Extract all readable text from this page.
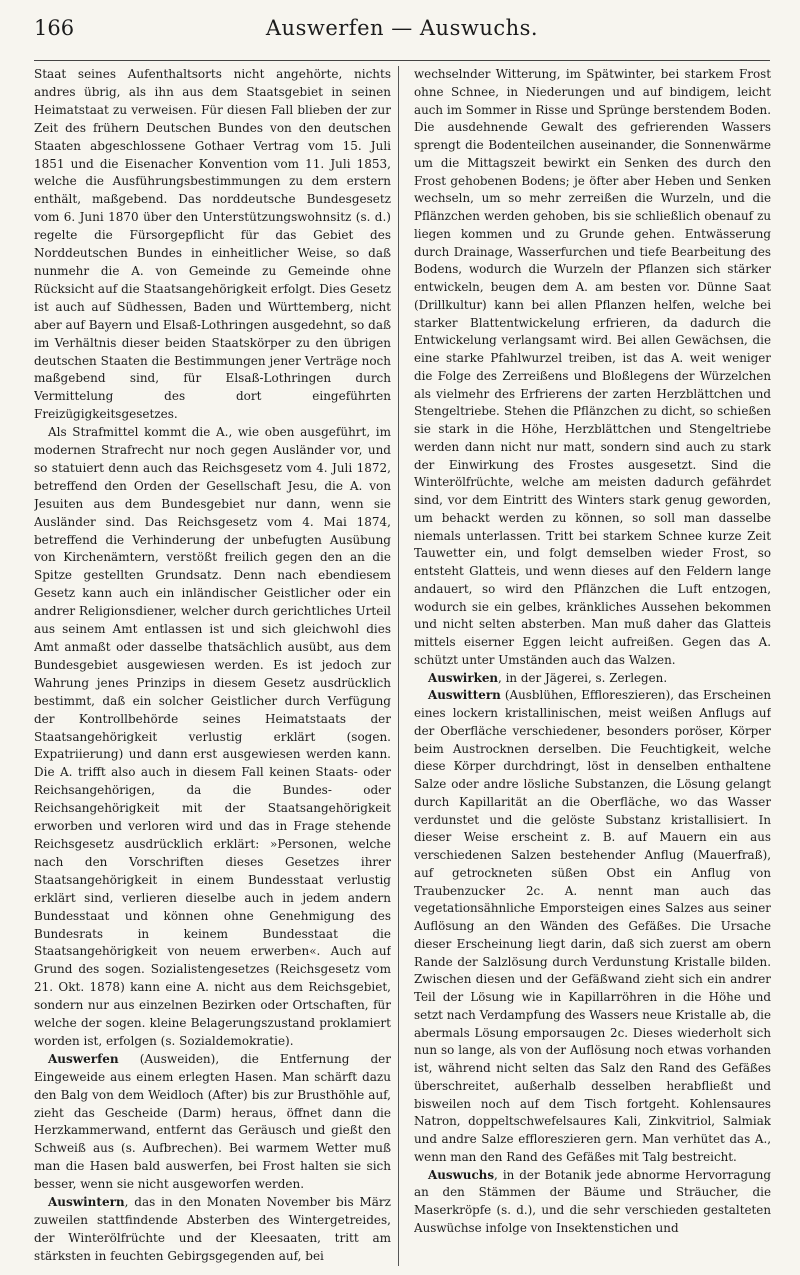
166	Auswerfen — Auswuchs.

Staat seines Aufenthaltsorts nicht angehörte, nichts andres übrig, als ihn aus dem Staatsgebiet in seinen Heimatstaat zu verweisen. Für diesen Fall blieben der zur Zeit des frühern Deutschen Bundes von den deutschen Staaten abgeschlossene Gothaer Vertrag vom 15. Juli 1851 und die Eisenacher Konvention vom 11. Juli 1853, welche die Ausführungsbestimmungen zu dem erstern enthält, maßgebend. Das norddeutsche Bundesgesetz vom 6. Juni 1870 über den Unterstützungswohnsitz (s. d.) regelte die Fürsorgepflicht für das Gebiet des Norddeutschen Bundes in einheitlicher Weise, so daß nunmehr die A. von Gemeinde zu Gemeinde ohne Rücksicht auf die Staatsangehörigkeit erfolgt. Dies Gesetz ist auch auf Südhessen, Baden und Württemberg, nicht aber auf Bayern und Elsaß-Lothringen ausgedehnt, so daß im Verhältnis dieser beiden Staatskörper zu den übrigen deutschen Staaten die Bestimmungen jener Verträge noch maßgebend sind, für Elsaß-Lothringen durch Vermittelung des dort eingeführten Freizügigkeitsgesetzes.

Als Strafmittel kommt die A., wie oben ausgeführt, im modernen Strafrecht nur noch gegen Ausländer vor, und so statuiert denn auch das Reichsgesetz vom 4. Juli 1872, betreffend den Orden der Gesellschaft Jesu, die A. von Jesuiten aus dem Bundesgebiet nur dann, wenn sie Ausländer sind. Das Reichsgesetz vom 4. Mai 1874, betreffend die Verhinderung der unbefugten Ausübung von Kirchenämtern, verstößt freilich gegen den an die Spitze gestellten Grundsatz. Denn nach ebendiesem Gesetz kann auch ein inländischer Geistlicher oder ein andrer Religionsdiener, welcher durch gerichtliches Urteil aus seinem Amt entlassen ist und sich gleichwohl dies Amt anmaßt oder dasselbe thatsächlich ausübt, aus dem Bundesgebiet ausgewiesen werden. Es ist jedoch zur Wahrung jenes Prinzips in diesem Gesetz ausdrücklich bestimmt, daß ein solcher Geistlicher durch Verfügung der Kontrollbehörde seines Heimatstaats der Staatsangehörigkeit verlustig erklärt (sogen. Expatriierung) und dann erst ausgewiesen werden kann. Die A. trifft also auch in diesem Fall keinen Staats- oder Reichsangehörigen, da die Bundes- oder Reichsangehörigkeit mit der Staatsangehörigkeit erworben und verloren wird und das in Frage stehende Reichsgesetz ausdrücklich erklärt: »Personen, welche nach den Vorschriften dieses Gesetzes ihrer Staatsangehörigkeit in einem Bundesstaat verlustig erklärt sind, verlieren dieselbe auch in jedem andern Bundesstaat und können ohne Genehmigung des Bundesrats in keinem Bundesstaat die Staatsangehörigkeit von neuem erwerben«. Auch auf Grund des sogen. Sozialistengesetzes (Reichsgesetz vom 21. Okt. 1878) kann eine A. nicht aus dem Reichsgebiet, sondern nur aus einzelnen Bezirken oder Ortschaften, für welche der sogen. kleine Belagerungszustand proklamiert worden ist, erfolgen (s. Sozialdemokratie).

Auswerfen (Ausweiden), die Entfernung der Eingeweide aus einem erlegten Hasen. Man schärft dazu den Balg von dem Weidloch (After) bis zur Brusthöhle auf, zieht das Gescheide (Darm) heraus, öffnet dann die Herzkammerwand, entfernt das Geräusch und gießt den Schweiß aus (s. Aufbrechen). Bei warmem Wetter muß man die Hasen bald auswerfen, bei Frost halten sie sich besser, wenn sie nicht ausgeworfen werden.

Auswintern, das in den Monaten November bis März zuweilen stattfindende Absterben des Wintergetreides, der Winterölfrüchte und der Kleesaaten, tritt am stärksten in feuchten Gebirgsgegenden auf, bei

wechselnder Witterung, im Spätwinter, bei starkem Frost ohne Schnee, in Niederungen und auf bindigem, leicht auch im Sommer in Risse und Sprünge berstendem Boden. Die ausdehnende Gewalt des gefrierenden Wassers sprengt die Bodenteilchen auseinander, die Sonnenwärme um die Mittagszeit bewirkt ein Senken des durch den Frost gehobenen Bodens; je öfter aber Heben und Senken wechseln, um so mehr zerreißen die Wurzeln, und die Pflänzchen werden gehoben, bis sie schließlich obenauf zu liegen kommen und zu Grunde gehen. Entwässerung durch Drainage, Wasserfurchen und tiefe Bearbeitung des Bodens, wodurch die Wurzeln der Pflanzen sich stärker entwickeln, beugen dem A. am besten vor. Dünne Saat (Drillkultur) kann bei allen Pflanzen helfen, welche bei starker Blattentwickelung erfrieren, da dadurch die Entwickelung verlangsamt wird. Bei allen Gewächsen, die eine starke Pfahlwurzel treiben, ist das A. weit weniger die Folge des Zerreißens und Bloßlegens der Würzelchen als vielmehr des Erfrierens der zarten Herzblättchen und Stengeltriebe. Stehen die Pflänzchen zu dicht, so schießen sie stark in die Höhe, Herzblättchen und Stengeltriebe werden dann nicht nur matt, sondern sind auch zu stark der Einwirkung des Frostes ausgesetzt. Sind die Winterölfrüchte, welche am meisten dadurch gefährdet sind, vor dem Eintritt des Winters stark genug geworden, um behackt werden zu können, so soll man dasselbe niemals unterlassen. Tritt bei starkem Schnee kurze Zeit Tauwetter ein, und folgt demselben wieder Frost, so entsteht Glatteis, und wenn dieses auf den Feldern lange andauert, so wird den Pflänzchen die Luft entzogen, wodurch sie ein gelbes, kränkliches Aussehen bekommen und nicht selten absterben. Man muß daher das Glatteis mittels eiserner Eggen leicht aufreißen. Gegen das A. schützt unter Umständen auch das Walzen.

Auswirken, in der Jägerei, s. Zerlegen.

Auswittern (Ausblühen, Effloreszieren), das Erscheinen eines lockern kristallinischen, meist weißen Anflugs auf der Oberfläche verschiedener, besonders poröser, Körper beim Austrocknen derselben. Die Feuchtigkeit, welche diese Körper durchdringt, löst in denselben enthaltene Salze oder andre lösliche Substanzen, die Lösung gelangt durch Kapillarität an die Oberfläche, wo das Wasser verdunstet und die gelöste Substanz kristallisiert. In dieser Weise erscheint z. B. auf Mauern ein aus verschiedenen Salzen bestehender Anflug (Mauerfraß), auf getrockneten süßen Obst ein Anflug von Traubenzucker 2c. A. nennt man auch das vegetationsähnliche Emporsteigen eines Salzes aus seiner Auflösung an den Wänden des Gefäßes. Die Ursache dieser Erscheinung liegt darin, daß sich zuerst am obern Rande der Salzlösung durch Verdunstung Kristalle bilden. Zwischen diesen und der Gefäßwand zieht sich ein andrer Teil der Lösung wie in Kapillarröhren in die Höhe und setzt nach Verdampfung des Wassers neue Kristalle ab, die abermals Lösung emporsaugen 2c. Dieses wiederholt sich nun so lange, als von der Auflösung noch etwas vorhanden ist, während nicht selten das Salz den Rand des Gefäßes überschreitet, außerhalb desselben herabfließt und bisweilen noch auf dem Tisch fortgeht. Kohlensaures Natron, doppeltschwefelsaures Kali, Zinkvitriol, Salmiak und andre Salze effloreszieren gern. Man verhütet das A., wenn man den Rand des Gefäßes mit Talg bestreicht.

Auswuchs, in der Botanik jede abnorme Hervorragung an den Stämmen der Bäume und Sträucher, die Maserkröpfe (s. d.), und die sehr verschieden gestalteten Auswüchse infolge von Insektenstichen und
